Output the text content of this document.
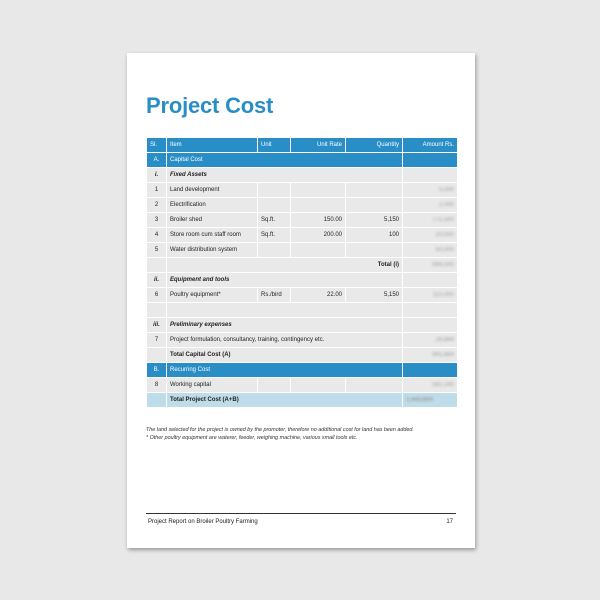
Project Cost
Sl.	Item	Unit	Unit Rate	Quantity	Amount Rs.
A.	Capital Cost				
i.	Fixed Assets				
1	Land development				5,000
2	Electrification				2,000
3	Broiler shed	Sq.ft.	150.00	5,150	772,500
4	Store room cum staff room	Sq.ft.	200.00	100	20,000
5	Water distribution system				50,000
	Total (i)				849,500
ii.	Equipment and tools				
6	Poultry equipment*	Rs./bird	22.00	5,150	113,300

iii.	Preliminary expenses				
7	Project formulation, consultancy, training, contingency etc.				28,864
	Total Capital Cost (A)				991,664
B.	Recurring Cost				
8	Working capital				582,140
	Total Project Cost (A+B)				1,563,804

The land selected for the project is owned by the promoter, therefore no additional cost for land has been added.

* Other poultry equipment are waterer, feeder, weighing machine, various small tools etc.

Project Report on Broiler Poultry Farming	17
